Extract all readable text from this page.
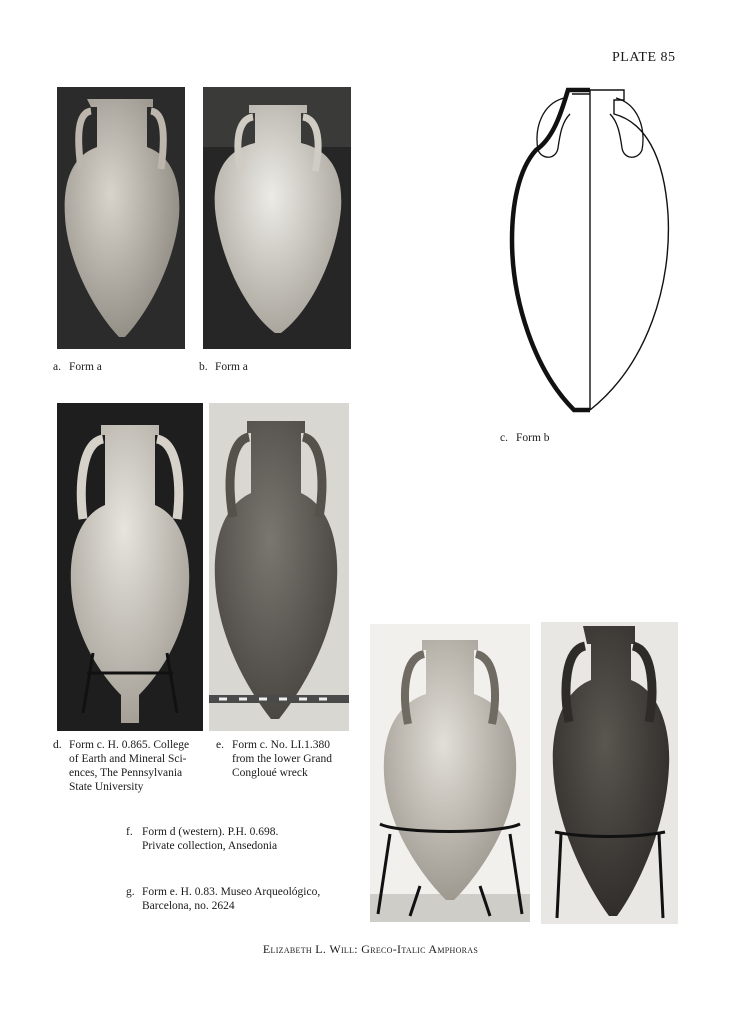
PLATE 85
a. Form a	b. Form a
c. Form b
d. Form c. H. 0.865. College
of Earth and Mineral Sci-
ences, The Pennsylvania
State University
e. Form c. No. LI.1.380
from the lower Grand
Congloué wreck
f. Form d (western). P.H. 0.698.
Private collection, Ansedonia
g. Form e. H. 0.83. Museo Arqueológico,
Barcelona, no. 2624
Elizabeth L. Will: Greco-Italic Amphoras
